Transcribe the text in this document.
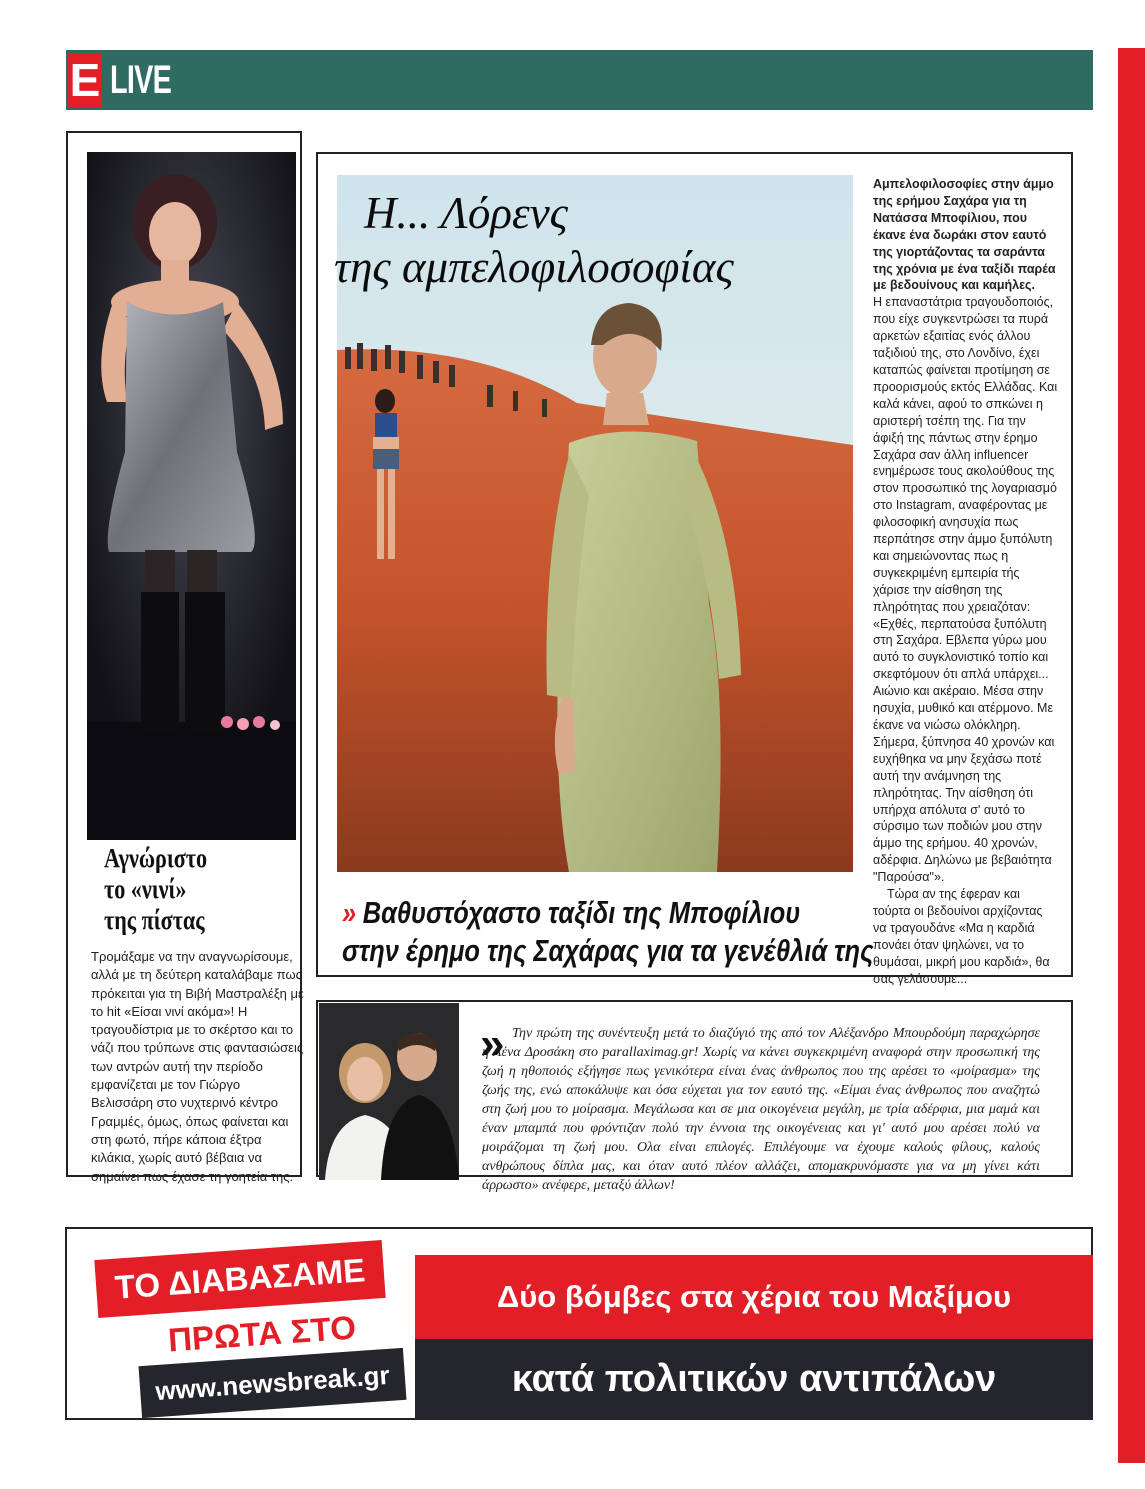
E LIVE
Αγνώριστο
το «νινί»
της πίστας
Τρομάξαμε να την αναγνωρίσουμε, αλλά με τη δεύτερη καταλάβαμε πως πρόκειται για τη Βιβή Μαστραλέξη με το hit «Είσαι νινί ακόμα»! Η τραγουδίστρια με το σκέρτσο και το νάζι που τρύπωνε στις φαντασιώσεις των αντρών αυτή την περίοδο εμφανίζεται με τον Γιώργο Βελισσάρη στο νυχτερινό κέντρο Γραμμές, όμως, όπως φαίνεται και στη φωτό, πήρε κάποια έξτρα κιλάκια, χωρίς αυτό βέβαια να σημαίνει πως έχασε τη γοητεία της.
Η... Λόρενς
της αμπελοφιλοσοφίας
Αμπελοφιλοσοφίες στην άμμο της ερήμου Σαχάρα για τη Νατάσσα Μποφίλιου, που έκανε ένα δωράκι στον εαυτό της γιορτάζοντας τα σαράντα της χρόνια με ένα ταξίδι παρέα με βεδουίνους και καμήλες.
Η επαναστάτρια τραγουδοποιός, που είχε συγκεντρώσει τα πυρά αρκετών εξαιτίας ενός άλλου ταξιδιού της, στο Λονδίνο, έχει καταπώς φαίνεται προτίμηση σε προορισμούς εκτός Ελλάδας. Και καλά κάνει, αφού το σπκώνει η αριστερή τσέπη της. Για την άφιξή της πάντως στην έρημο Σαχάρα σαν άλλη influencer ενημέρωσε τους ακολούθους της στον προσωπικό της λογαριασμό στο Instagram, αναφέροντας με φιλοσοφική ανησυχία πως περπάτησε στην άμμο ξυπόλυτη και σημειώνοντας πως η συγκεκριμένη εμπειρία τής χάρισε την αίσθηση της πληρότητας που χρειαζόταν: «Εχθές, περπατούσα ξυπόλυτη στη Σαχάρα. Εβλεπα γύρω μου αυτό το συγκλονιστικό τοπίο και σκεφτόμουν ότι απλά υπάρχει... Αιώνιο και ακέραιο. Μέσα στην ησυχία, μυθικό και ατέρμονο. Με έκανε να νιώσω ολόκληρη. Σήμερα, ξύπνησα 40 χρονών και ευχήθηκα να μην ξεχάσω ποτέ αυτή την ανάμνηση της πληρότητας. Την αίσθηση ότι υπήρχα απόλυτα σ' αυτό το σύρσιμο των ποδιών μου στην άμμο της ερήμου. 40 χρονών, αδέρφια. Δηλώνω με βεβαιότητα "Παρούσα"».
Τώρα αν της έφεραν και τούρτα οι βεδουίνοι αρχίζοντας να τραγουδάνε «Μα η καρδιά πονάει όταν ψηλώνει, να το θυμάσαι, μικρή μου καρδιά», θα σας γελάσουμε...
» Βαθυστόχαστο ταξίδι της Μποφίλιου
στην έρημο της Σαχάρας για τα γενέθλιά της
» Την πρώτη της συνέντευξη μετά το διαζύγιό της από τον Αλέξανδρο Μπουρδούμη παραχώρησε η Λένα Δροσάκη στο parallaximag.gr! Χωρίς να κάνει συγκεκριμένη αναφορά στην προσωπική της ζωή η ηθοποιός εξήγησε πως γενικότερα είναι ένας άνθρωπος που της αρέσει το «μοίρασμα» της ζωής της, ενώ αποκάλυψε και όσα εύχεται για τον εαυτό της. «Είμαι ένας άνθρωπος που αναζητώ στη ζωή μου το μοίρασμα. Μεγάλωσα και σε μια οικογένεια μεγάλη, με τρία αδέρφια, μια μαμά και έναν μπαμπά που φρόντιζαν πολύ την έννοια της οικογένειας και γι' αυτό μου αρέσει πολύ να μοιράζομαι τη ζωή μου. Ολα είναι επιλογές. Επιλέγουμε να έχουμε καλούς φίλους, καλούς ανθρώπους δίπλα μας, και όταν αυτό πλέον αλλάζει, απομακρυνόμαστε για να μη γίνει κάτι άρρωστο» ανέφερε, μεταξύ άλλων!
Δύο βόμβες στα χέρια του Μαξίμου
κατά πολιτικών αντιπάλων
ΤΟ ΔΙΑΒΑΣΑΜΕ
ΠΡΩΤΑ ΣΤΟ
www.newsbreak.gr
